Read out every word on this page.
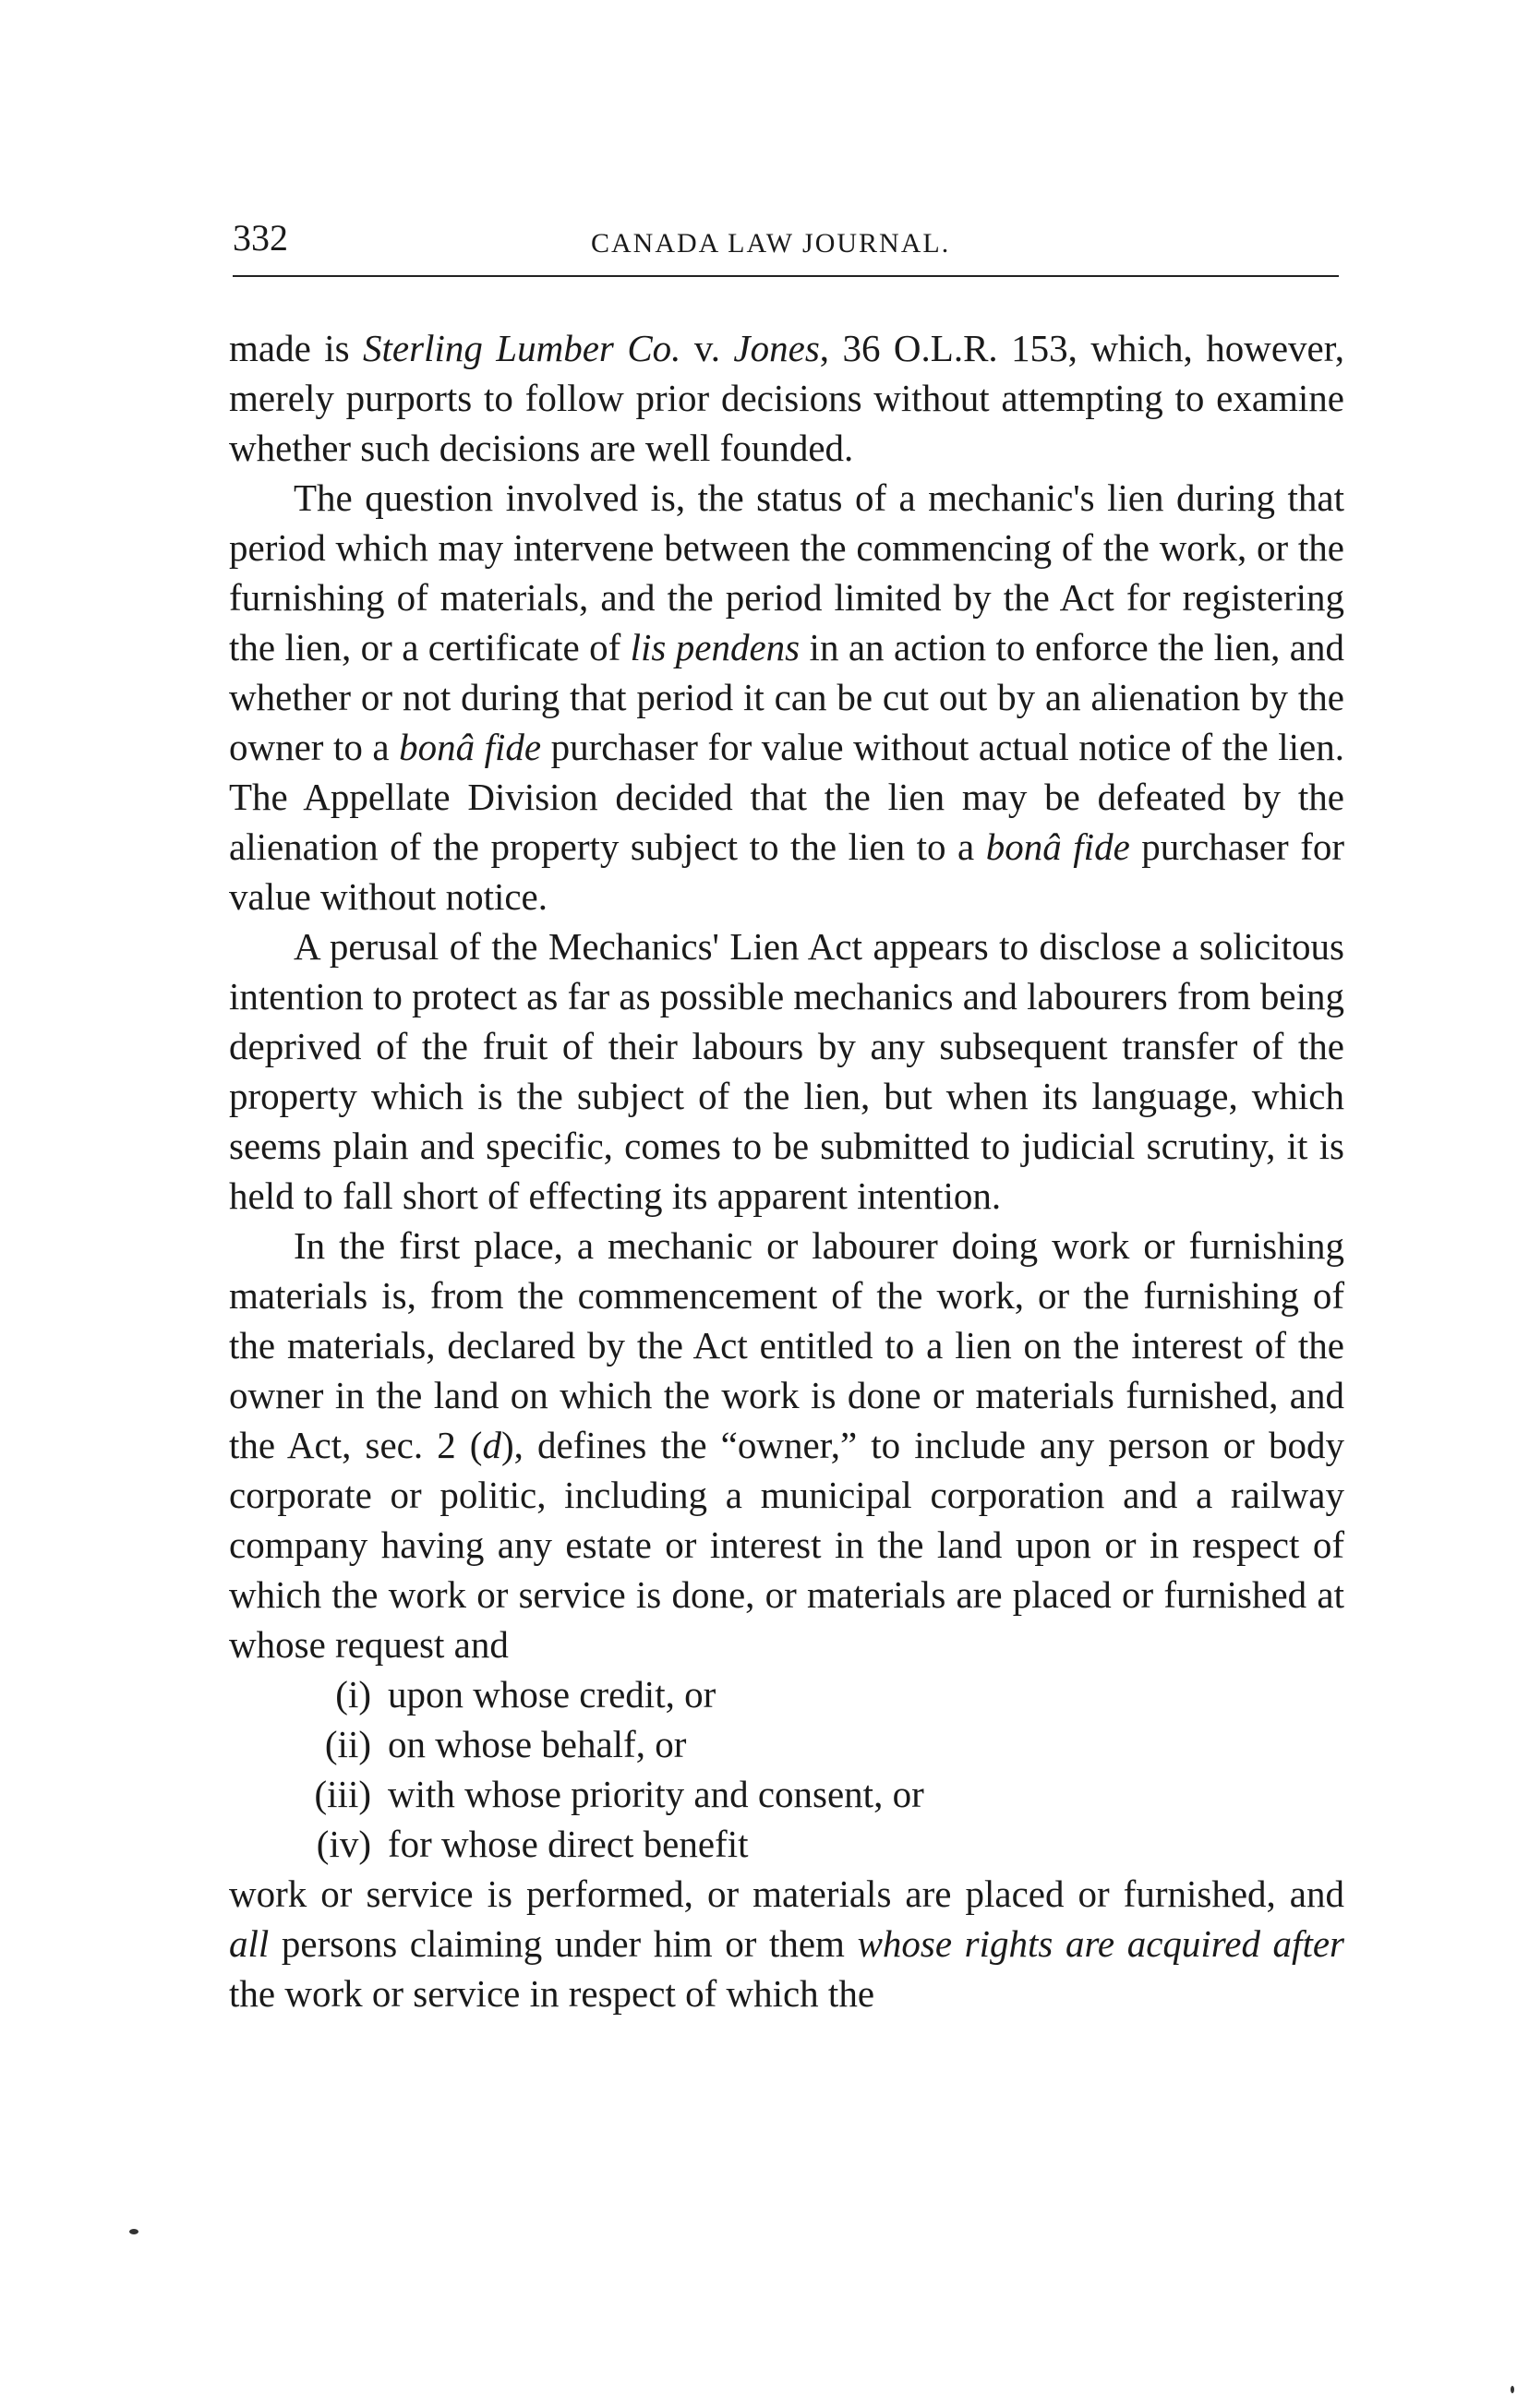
332	CANADA LAW JOURNAL.

made is Sterling Lumber Co. v. Jones, 36 O.L.R. 153, which, however, merely purports to follow prior decisions without attempting to examine whether such decisions are well founded.

The question involved is, the status of a mechanic's lien during that period which may intervene between the commencing of the work, or the furnishing of materials, and the period limited by the Act for registering the lien, or a certificate of lis pendens in an action to enforce the lien, and whether or not during that period it can be cut out by an alienation by the owner to a bonâ fide purchaser for value without actual notice of the lien. The Appellate Division decided that the lien may be defeated by the alienation of the property subject to the lien to a bonâ fide purchaser for value without notice.

A perusal of the Mechanics' Lien Act appears to disclose a solicitous intention to protect as far as possible mechanics and labourers from being deprived of the fruit of their labours by any subsequent transfer of the property which is the subject of the lien, but when its language, which seems plain and specific, comes to be submitted to judicial scrutiny, it is held to fall short of effecting its apparent intention.

In the first place, a mechanic or labourer doing work or furnishing materials is, from the commencement of the work, or the furnishing of the materials, declared by the Act entitled to a lien on the interest of the owner in the land on which the work is done or materials furnished, and the Act, sec. 2 (d), defines the “owner,” to include any person or body corporate or politic, including a municipal corporation and a railway company having any estate or interest in the land upon or in respect of which the work or service is done, or materials are placed or furnished at whose request and

(i) upon whose credit, or
(ii) on whose behalf, or
(iii) with whose priority and consent, or
(iv) for whose direct benefit

work or service is performed, or materials are placed or furnished, and all persons claiming under him or them whose rights are acquired after the work or service in respect of which the
